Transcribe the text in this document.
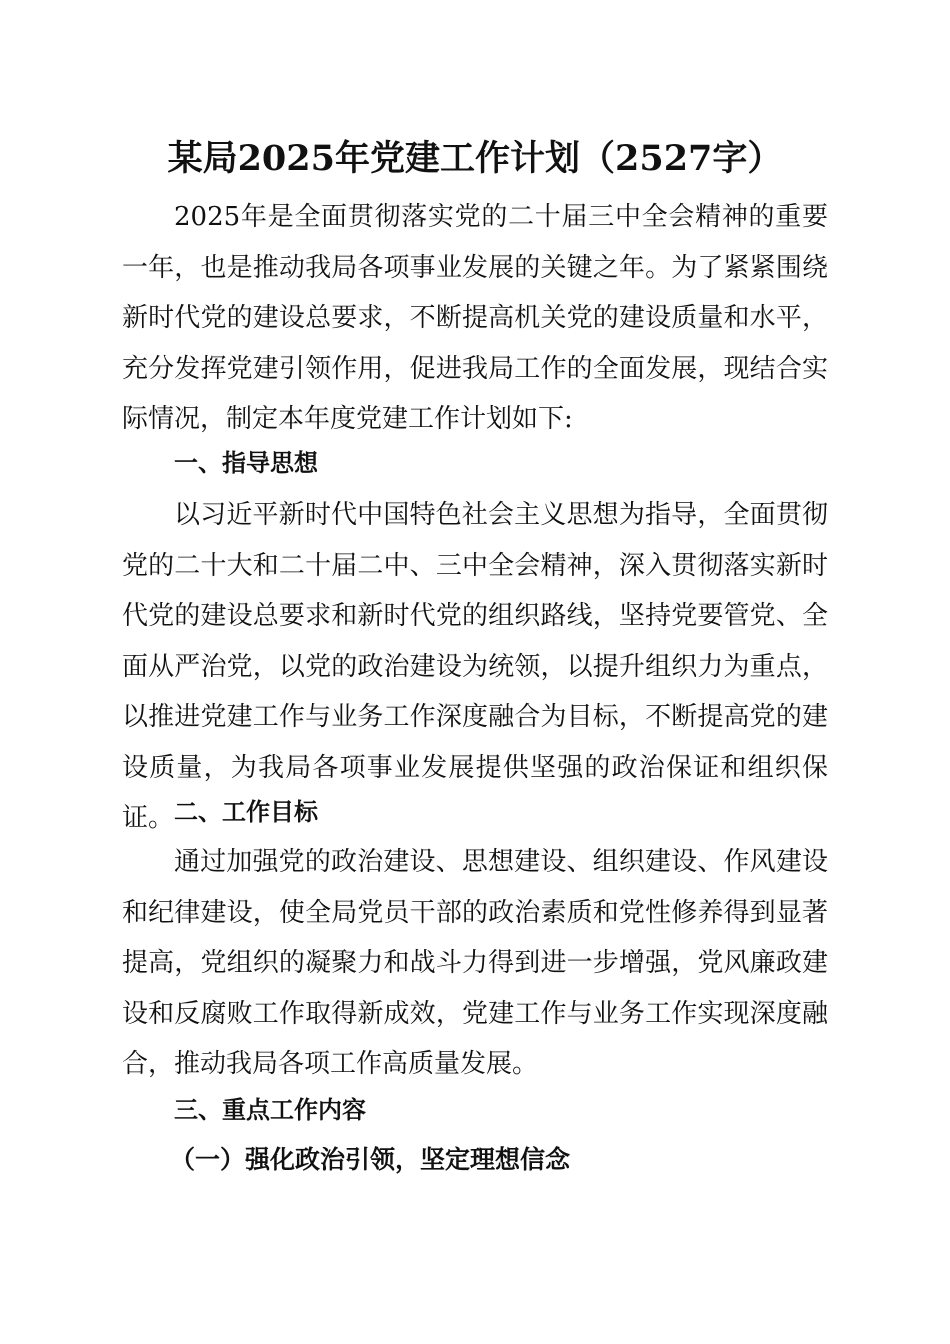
某局2025年党建工作计划（2527字）

2025年是全面贯彻落实党的二十届三中全会精神的重要一年，也是推动我局各项事业发展的关键之年。为了紧紧围绕新时代党的建设总要求，不断提高机关党的建设质量和水平，充分发挥党建引领作用，促进我局工作的全面发展，现结合实际情况，制定本年度党建工作计划如下:

一、指导思想

以习近平新时代中国特色社会主义思想为指导，全面贯彻党的二十大和二十届二中、三中全会精神，深入贯彻落实新时代党的建设总要求和新时代党的组织路线，坚持党要管党、全面从严治党，以党的政治建设为统领，以提升组织力为重点，以推进党建工作与业务工作深度融合为目标，不断提高党的建设质量，为我局各项事业发展提供坚强的政治保证和组织保证。 二、工作目标

通过加强党的政治建设、思想建设、组织建设、作风建设和纪律建设，使全局党员干部的政治素质和党性修养得到显著提高，党组织的凝聚力和战斗力得到进一步增强，党风廉政建设和反腐败工作取得新成效，党建工作与业务工作实现深度融合，推动我局各项工作高质量发展。

三、重点工作内容
（一）强化政治引领，坚定理想信念
